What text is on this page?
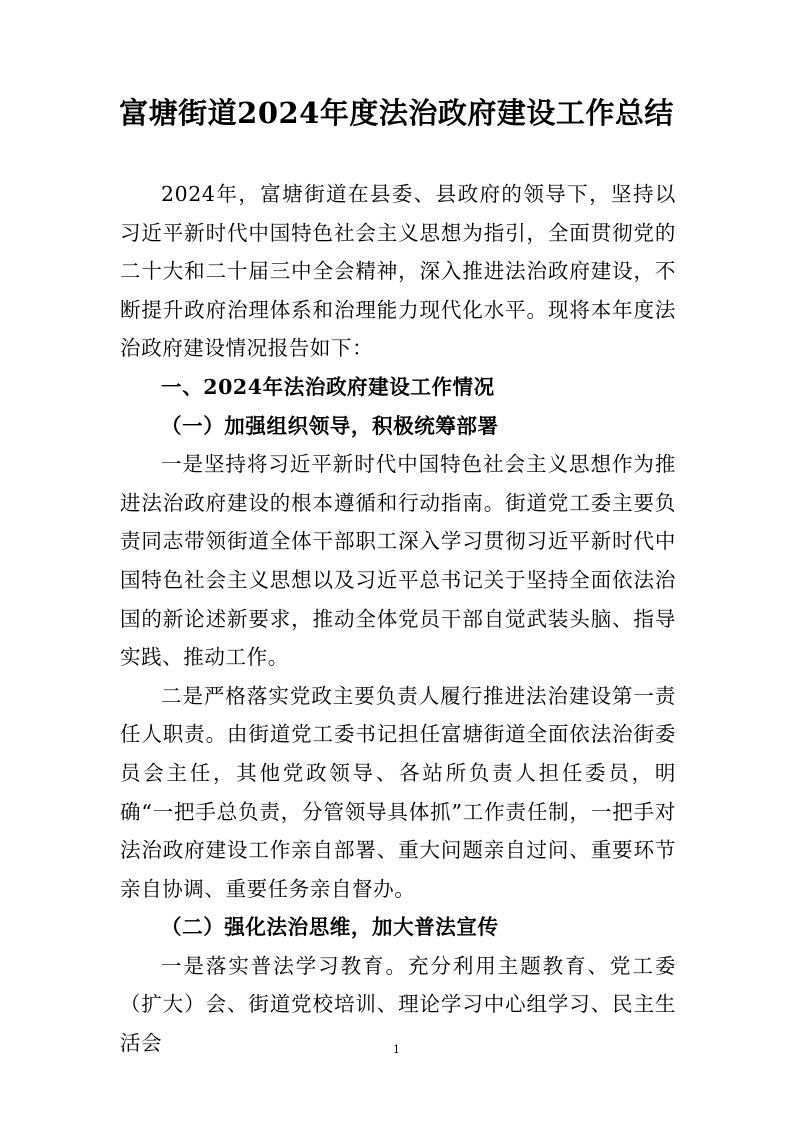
富塘街道2024年度法治政府建设工作总结

2024年，富塘街道在县委、县政府的领导下，坚持以习近平新时代中国特色社会主义思想为指引，全面贯彻党的二十大和二十届三中全会精神，深入推进法治政府建设，不断提升政府治理体系和治理能力现代化水平。现将本年度法治政府建设情况报告如下：

一、2024年法治政府建设工作情况

（一）加强组织领导，积极统筹部署

一是坚持将习近平新时代中国特色社会主义思想作为推进法治政府建设的根本遵循和行动指南。街道党工委主要负责同志带领街道全体干部职工深入学习贯彻习近平新时代中国特色社会主义思想以及习近平总书记关于坚持全面依法治国的新论述新要求，推动全体党员干部自觉武装头脑、指导实践、推动工作。

二是严格落实党政主要负责人履行推进法治建设第一责任人职责。由街道党工委书记担任富塘街道全面依法治街委员会主任，其他党政领导、各站所负责人担任委员，明确“一把手总负责，分管领导具体抓”工作责任制，一把手对法治政府建设工作亲自部署、重大问题亲自过问、重要环节亲自协调、重要任务亲自督办。

（二）强化法治思维，加大普法宣传

一是落实普法学习教育。充分利用主题教育、党工委（扩大）会、街道党校培训、理论学习中心组学习、民主生活会	1
